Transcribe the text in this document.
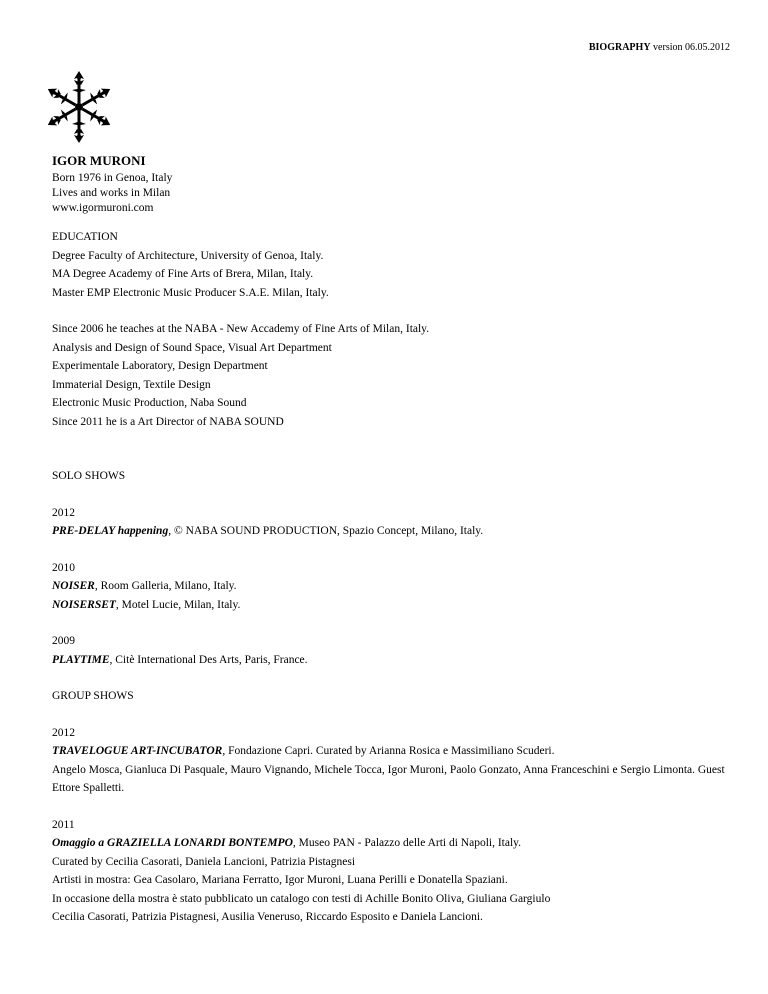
BIOGRAPHY version 06.05.2012
IGOR MURONI
Born 1976 in Genoa, Italy
Lives and works in Milan
www.igormuroni.com
EDUCATION
Degree Faculty of Architecture, University of Genoa, Italy.
MA Degree Academy of Fine Arts of Brera, Milan, Italy.
Master EMP Electronic Music Producer S.A.E. Milan, Italy.
Since 2006 he teaches at the NABA - New Accademy of Fine Arts of Milan, Italy.
Analysis and Design of Sound Space, Visual Art Department
Experimentale Laboratory, Design Department
Immaterial Design, Textile Design
Electronic Music Production, Naba Sound
Since 2011 he is a Art Director of NABA SOUND
SOLO SHOWS
2012
PRE-DELAY happening, © NABA SOUND PRODUCTION, Spazio Concept, Milano, Italy.
2010
NOISER, Room Galleria, Milano, Italy.
NOISERSET, Motel Lucie, Milan, Italy.
2009
PLAYTIME, Citè International Des Arts, Paris, France.
GROUP SHOWS
2012
TRAVELOGUE ART-INCUBATOR, Fondazione Capri. Curated by Arianna Rosica e Massimiliano Scuderi.
Angelo Mosca, Gianluca Di Pasquale, Mauro Vignando, Michele Tocca, Igor Muroni, Paolo Gonzato, Anna Franceschini e Sergio Limonta. Guest Ettore Spalletti.
2011
Omaggio a GRAZIELLA LONARDI BONTEMPO, Museo PAN - Palazzo delle Arti di Napoli, Italy.
Curated by Cecilia Casorati, Daniela Lancioni, Patrizia Pistagnesi
Artisti in mostra: Gea Casolaro, Mariana Ferratto, Igor Muroni, Luana Perilli e Donatella Spaziani.
In occasione della mostra è stato pubblicato un catalogo con testi di Achille Bonito Oliva, Giuliana Gargiulo
Cecilia Casorati, Patrizia Pistagnesi, Ausilia Veneruso, Riccardo Esposito e Daniela Lancioni.
